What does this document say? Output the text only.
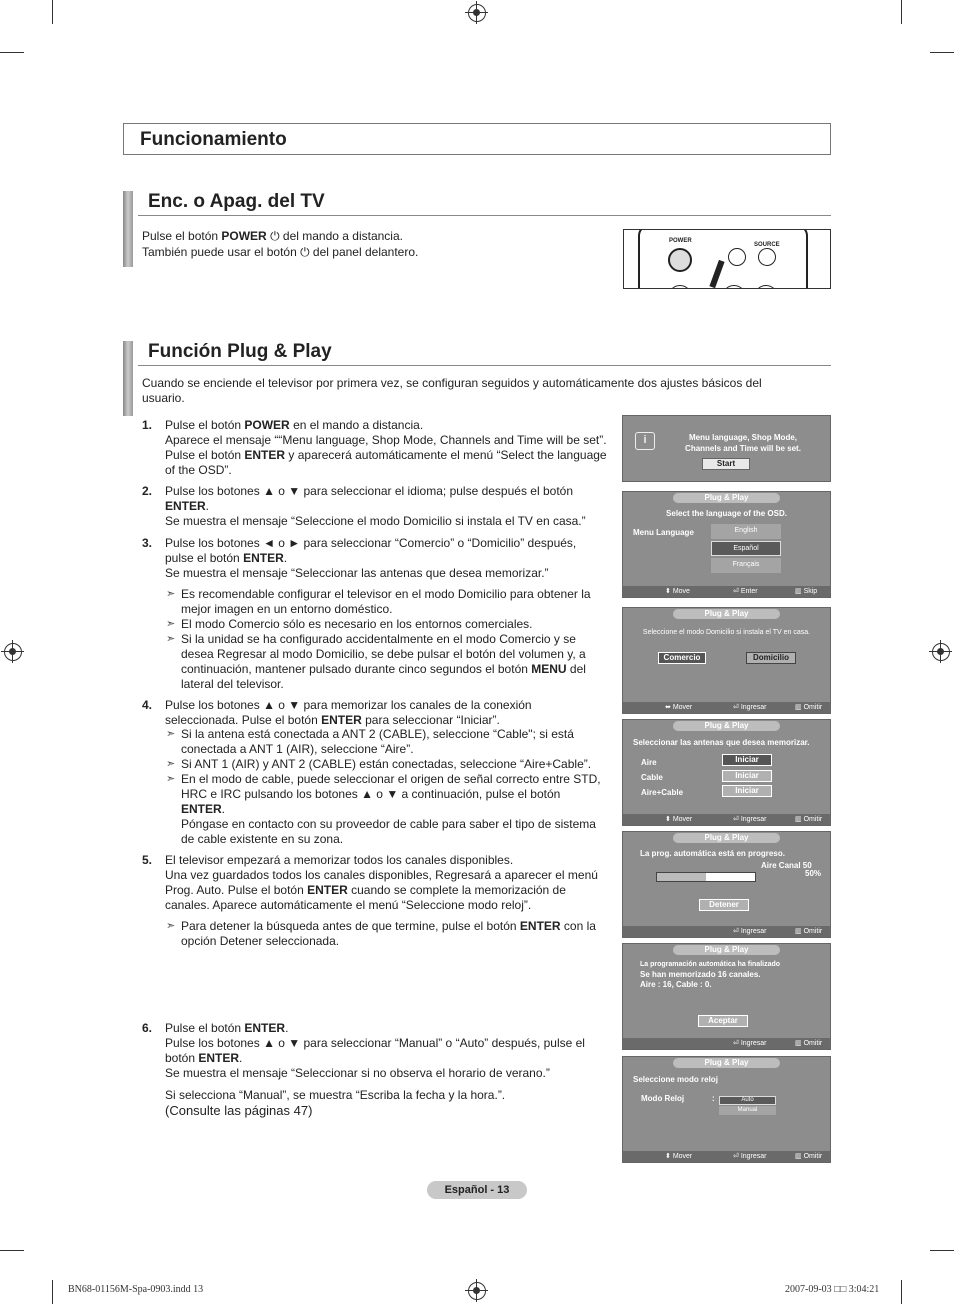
Funcionamiento
Enc. o Apag. del TV
Pulse el botón POWER ⏻ del mando a distancia.
También puede usar el botón ⏻ del panel delantero.
POWER
SOURCE
Función Plug & Play
Cuando se enciende el televisor por primera vez, se configuran seguidos y automáticamente dos ajustes básicos del usuario.
1. Pulse el botón POWER en el mando a distancia.
Aparece el mensaje ““Menu language, Shop Mode, Channels and Time will be set”.
Pulse el botón ENTER y aparecerá automáticamente el menú “Select the language
of the OSD”.
2. Pulse los botones ▲ o ▼ para seleccionar el idioma; pulse después el botón
ENTER.
Se muestra el mensaje “Seleccione el modo Domicilio si instala el TV en casa.”
3. Pulse los botones ◄ o ► para seleccionar “Comercio” o “Domicilio” después,
pulse el botón ENTER.
Se muestra el mensaje “Seleccionar las antenas que desea memorizar.”
➣ Es recomendable configurar el televisor en el modo Domicilio para obtener la mejor imagen en un entorno doméstico.
➣ El modo Comercio sólo es necesario en los entornos comerciales.
➣ Si la unidad se ha configurado accidentalmente en el modo Comercio y se desea Regresar al modo Domicilio, se debe pulsar el botón del volumen y, a continuación, mantener pulsado durante cinco segundos el botón MENU del lateral del televisor.
4. Pulse los botones ▲ o ▼ para memorizar los canales de la conexión
seleccionada. Pulse el botón ENTER para seleccionar “Iniciar”.
➣ Si la antena está conectada a ANT 2 (CABLE), seleccione “Cable"; si está conectada a ANT 1 (AIR), seleccione “Aire”.
➣ Si ANT 1 (AIR) y ANT 2 (CABLE) están conectadas, seleccione “Aire+Cable”.
➣ En el modo de cable, puede seleccionar el origen de señal correcto entre STD, HRC e IRC pulsando los botones ▲ o ▼ a continuación, pulse el botón ENTER.
Póngase en contacto con su proveedor de cable para saber el tipo de sistema de cable existente en su zona.
5. El televisor empezará a memorizar todos los canales disponibles.
Una vez guardados todos los canales disponibles, Regresará a aparecer el menú
Prog. Auto. Pulse el botón ENTER cuando se complete la memorización de
canales. Aparece automáticamente el menú “Seleccione modo reloj”.
➣ Para detener la búsqueda antes de que termine, pulse el botón ENTER con la opción Detener seleccionada.
6. Pulse el botón ENTER.
Pulse los botones ▲ o ▼ para seleccionar “Manual” o “Auto” después, pulse el
botón ENTER.
Se muestra el mensaje “Seleccionar si no observa el horario de verano.”
Si selecciona “Manual”, se muestra “Escriba la fecha y la hora.”.
(Consulte las páginas 47)
i	Menu language, Shop Mode,
Channels and Time will be set.
Start
Plug & Play
Select the language of the OSD.
Menu Language	English
Español
Français
⬍ Move	⏎ Enter	▥ Skip
Plug & Play
Seleccione el modo Domicilio si instala el TV en casa.
Comercio	Domicilio
⬌ Mover	⏎ Ingresar	▥ Omitir
Plug & Play
Seleccionar las antenas que desea memorizar.
Aire	Iniciar
Cable	Iniciar
Aire+Cable	Iniciar
⬍ Mover	⏎ Ingresar	▥ Omitir
Plug & Play
La prog. automática está en progreso.
Aire Canal 50
50%
Detener
⏎ Ingresar	▥ Omitir
Plug & Play
La programación automática ha finalizado
Se han memorizado 16 canales.
Aire : 16, Cable : 0.
Aceptar
⏎ Ingresar	▥ Omitir
Plug & Play
Seleccione modo reloj
Modo Reloj	:	Auto
Manual
⬍ Mover	⏎ Ingresar	▥ Omitir
Español - 13
BN68-01156M-Spa-0903.indd 13	2007-09-03 □□ 3:04:21
